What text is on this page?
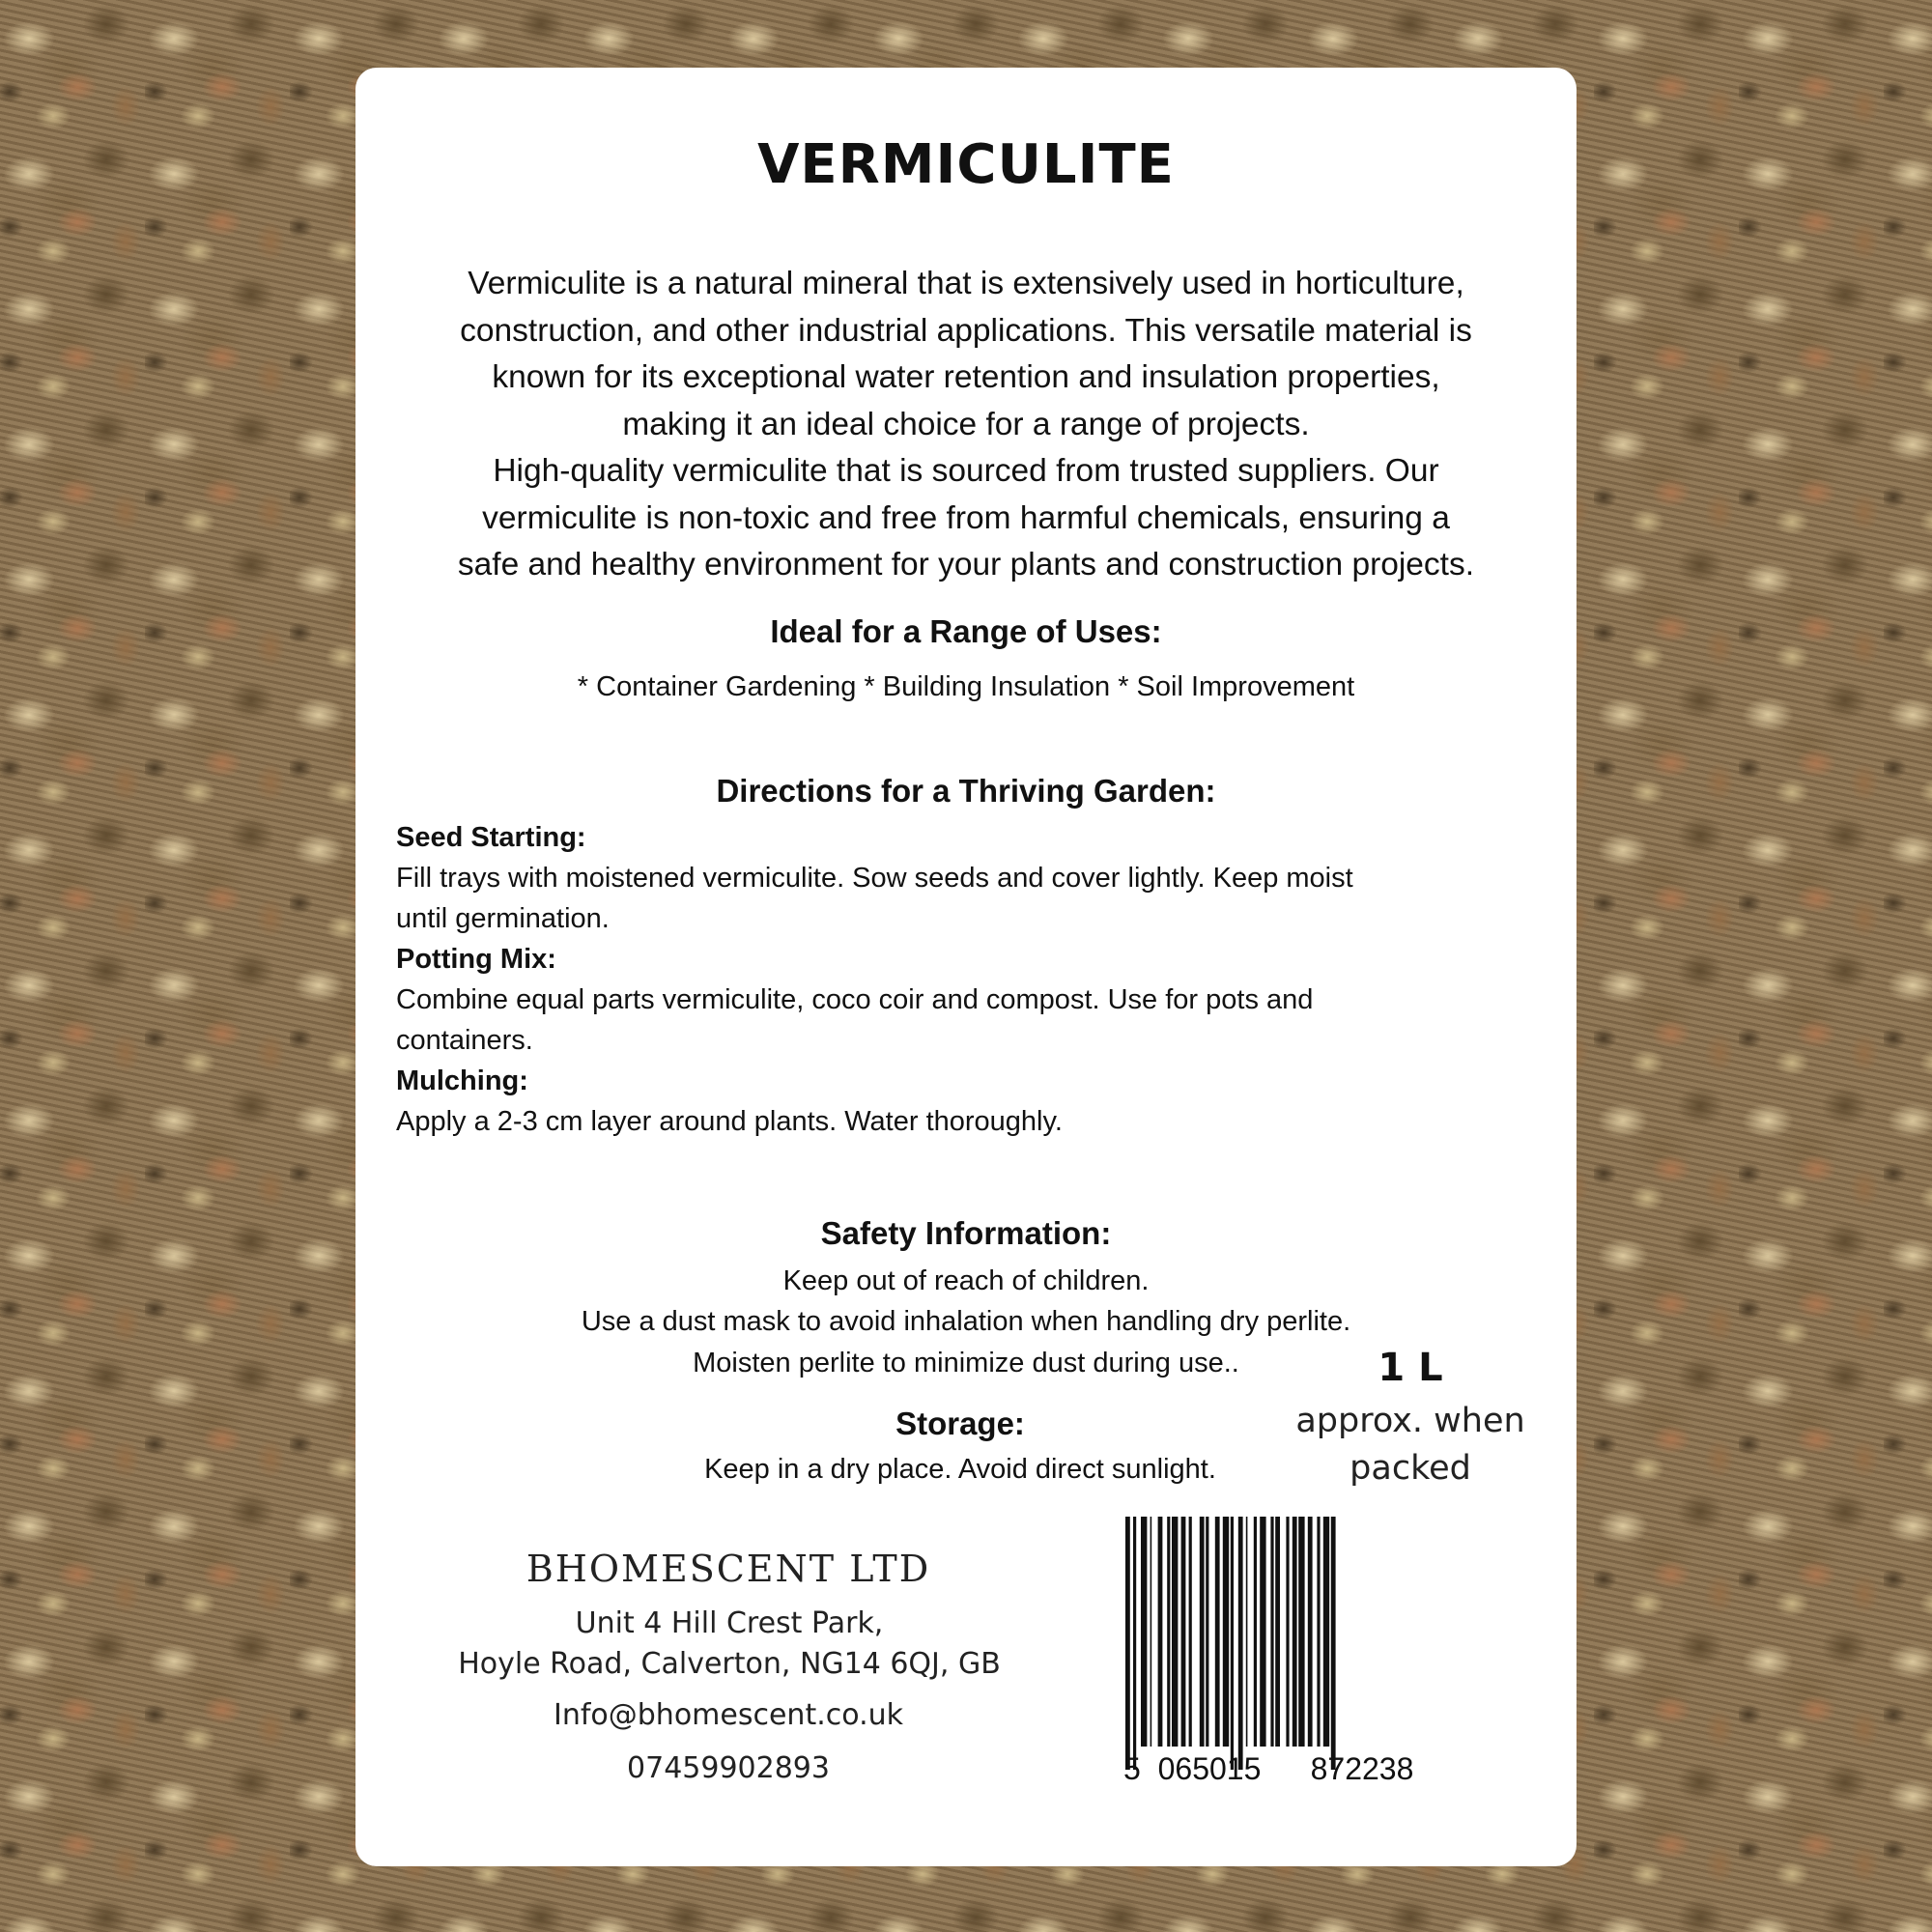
VERMICULITE
Vermiculite is a natural mineral that is extensively used in horticulture,
construction, and other industrial applications. This versatile material is
known for its exceptional water retention and insulation properties,
making it an ideal choice for a range of projects.
High-quality vermiculite that is sourced from trusted suppliers. Our
vermiculite is non-toxic and free from harmful chemicals, ensuring a
safe and healthy environment for your plants and construction projects.
Ideal for a Range of Uses:
* Container Gardening * Building Insulation * Soil Improvement
Directions for a Thriving Garden:
Seed Starting:
Fill trays with moistened vermiculite. Sow seeds and cover lightly. Keep moist
until germination.
Potting Mix:
Combine equal parts vermiculite, coco coir and compost. Use for pots and
containers.
Mulching:
Apply a 2-3 cm layer around plants. Water thoroughly.
Safety Information:
Keep out of reach of children.
Use a dust mask to avoid inhalation when handling dry perlite.
Moisten perlite to minimize dust during use..
Storage:
Keep in a dry place. Avoid direct sunlight.
1 L
approx. when
packed
BHOMESCENT LTD
Unit 4 Hill Crest Park,
Hoyle Road, Calverton, NG14 6QJ, GB
Info@bhomescent.co.uk
07459902893	5 065015 872238
